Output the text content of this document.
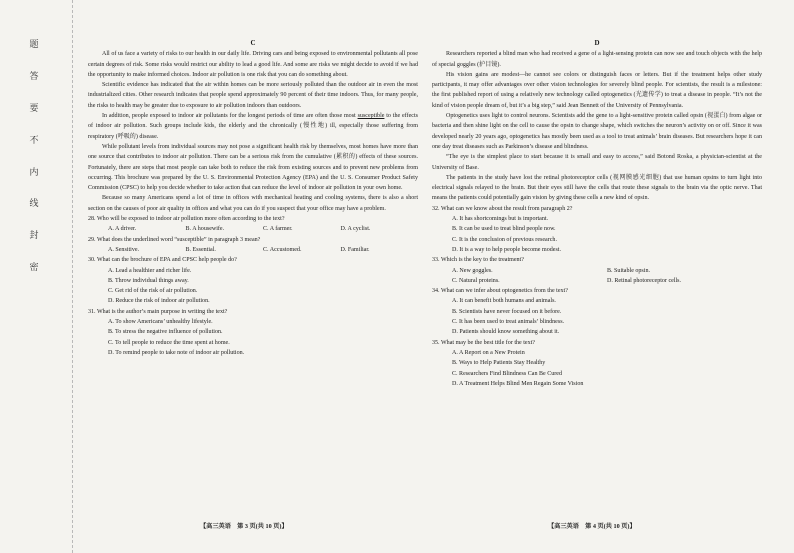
题
答
要
不
内
线
封
密
C

All of us face a variety of risks to our health in our daily life. Driving cars and being exposed to environmental pollutants all pose certain degrees of risk. Some risks would restrict our ability to lead a good life. And some are risks we might decide to avoid if we had the opportunity to make informed choices. Indoor air pollution is one risk that you can do something about.

Scientific evidence has indicated that the air within homes can be more seriously polluted than the outdoor air in even the most industrialized cities. Other research indicates that people spend approximately 90 percent of their time indoors. Thus, for many people, the risks to health may be greater due to exposure to air pollution indoors than outdoors.

In addition, people exposed to indoor air pollutants for the longest periods of time are often those most susceptible to the effects of indoor air pollution. Such groups include kids, the elderly and the chronically (慢性地) ill, especially those suffering from respiratory (呼吸的) disease.

While pollutant levels from individual sources may not pose a significant health risk by themselves, most homes have more than one source that contributes to indoor air pollution. There can be a serious risk from the cumulative (累积的) effects of these sources. Fortunately, there are steps that most people can take both to reduce the risk from existing sources and to prevent new problems from occurring. This brochure was prepared by the U. S. Environmental Protection Agency (EPA) and the U. S. Consumer Product Safety Commission (CPSC) to help you decide whether to take action that can reduce the level of indoor air pollution in your own home.

Because so many Americans spend a lot of time in offices with mechanical heating and cooling systems, there is also a short section on the causes of poor air quality in offices and what you can do if you suspect that your office may have a problem.

28. Who will be exposed to indoor air pollution more often according to the text?
A. A driver.	B. A housewife.	C. A farmer.	D. A cyclist.
29. What does the underlined word “susceptible” in paragraph 3 mean?
A. Sensitive.	B. Essential.	C. Accustomed.	D. Familiar.
30. What can the brochure of EPA and CPSC help people do?
A. Lead a healthier and richer life.
B. Throw individual things away.
C. Get rid of the risk of air pollution.
D. Reduce the risk of indoor air pollution.
31. What is the author’s main purpose in writing the text?
A. To show Americans’ unhealthy lifestyle.
B. To stress the negative influence of pollution.
C. To tell people to reduce the time spent at home.
D. To remind people to take note of indoor air pollution.
D

Researchers reported a blind man who had received a gene of a light-sensing protein can now see and touch objects with the help of special goggles (护目镜).

His vision gains are modest—he cannot see colors or distinguish faces or letters. But if the treatment helps other study participants, it may offer advantages over other vision technologies for severely blind people. For scientists, the result is a milestone: the first published report of using a relatively new technology called optogenetics (光遗传学) to treat a disease in people. “It’s not the kind of vision people dream of, but it’s a big step,” said Jean Bennett of the University of Pennsylvania.

Optogenetics uses light to control neurons. Scientists add the gene to a light-sensitive protein called opsin (视蛋白) from algae or bacteria and then shine light on the cell to cause the opsin to change shape, which switches the neuron’s activity on or off. Since it was developed nearly 20 years ago, optogenetics has mostly been used as a tool to treat animals’ brain diseases. But researchers hope it can one day treat diseases such as Parkinson’s disease and blindness.

“The eye is the simplest place to start because it is small and easy to access,” said Botond Roska, a physician-scientist at the University of Base.

The patients in the study have lost the retinal photoreceptor cells (视网膜感光细胞) that use human opsins to turn light into electrical signals relayed to the brain. But their eyes still have the cells that route these signals to the brain via the optic nerve. That means the patients could potentially gain vision by giving these cells a new kind of opsin.

32. What can we know about the result from paragraph 2?
A. It has shortcomings but is important.
B. It can be used to treat blind people now.
C. It is the conclusion of previous research.
D. It is a way to help people become modest.
33. Which is the key to the treatment?
A. New goggles.	B. Suitable opsin.
C. Natural proteins.	D. Retinal photoreceptor cells.
34. What can we infer about optogenetics from the text?
A. It can benefit both humans and animals.
B. Scientists have never focused on it before.
C. It has been used to treat animals’ blindness.
D. Patients should know something about it.
35. What may be the best title for the text?
A. A Report on a New Protein
B. Ways to Help Patients Stay Healthy
C. Researchers Find Blindness Can Be Cured
D. A Treatment Helps Blind Men Regain Some Vision
【高三英语　第 3 页(共 10 页)】	【高三英语　第 4 页(共 10 页)】
